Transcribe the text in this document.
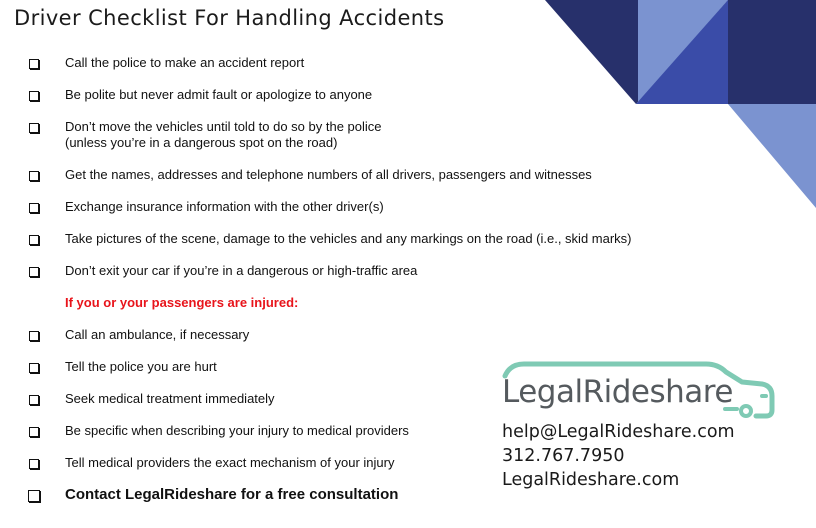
Driver Checklist For Handling Accidents
Call the police to make an accident report
Be polite but never admit fault or apologize to anyone
Don’t move the vehicles until told to do so by the police
(unless you’re in a dangerous spot on the road)
Get the names, addresses and telephone numbers of all drivers, passengers and witnesses
Exchange insurance information with the other driver(s)
Take pictures of the scene, damage to the vehicles and any markings on the road (i.e., skid marks)
Don’t exit your car if you’re in a dangerous or high-traffic area
If you or your passengers are injured:
Call an ambulance, if necessary
Tell the police you are hurt
Seek medical treatment immediately
Be specific when describing your injury to medical providers
Tell medical providers the exact mechanism of your injury
Contact LegalRideshare for a free consultation
LegalRideshare
help@LegalRideshare.com
312.767.7950
LegalRideshare.com
